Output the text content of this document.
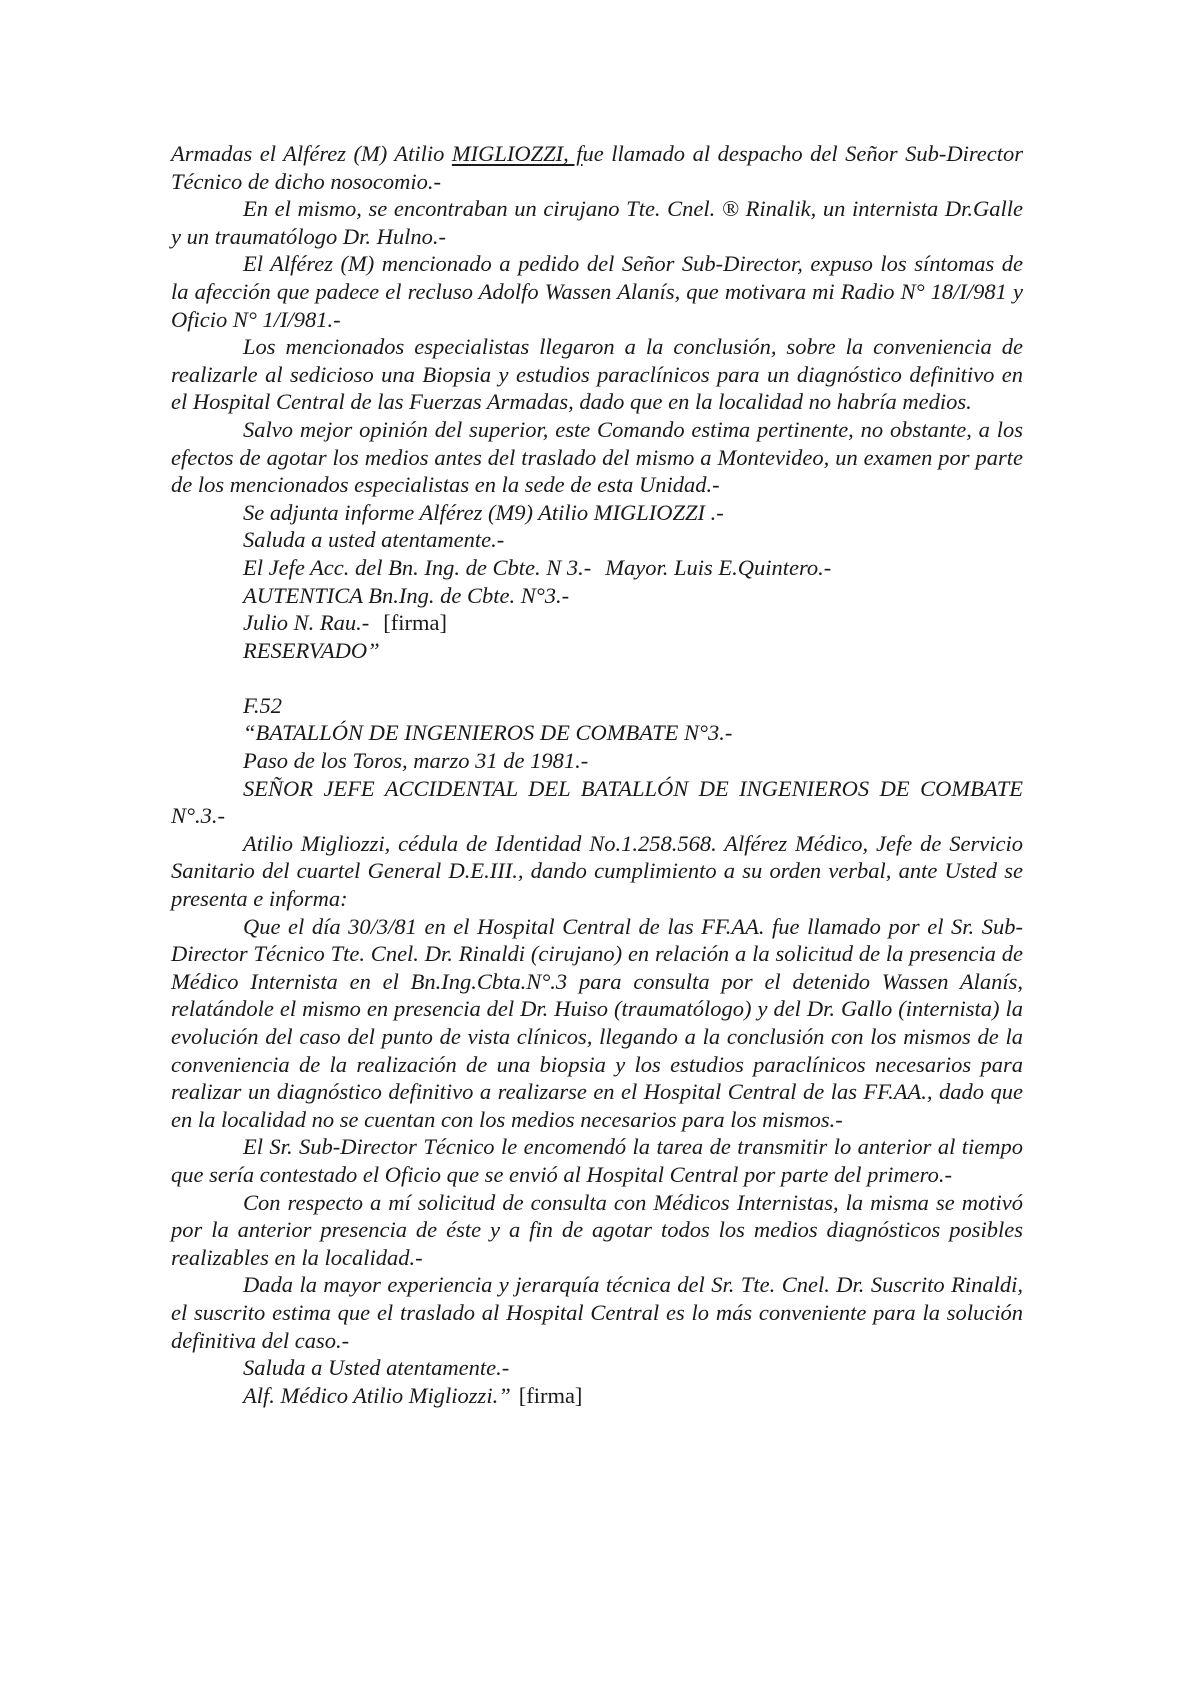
Armadas el Alférez (M) Atilio MIGLIOZZI, fue llamado al despacho del Señor Sub-Director Técnico de dicho nosocomio.-

En el mismo, se encontraban un cirujano Tte. Cnel. ® Rinalik, un internista Dr.Galle y un traumatólogo Dr. Hulno.-

El Alférez (M) mencionado a pedido del Señor Sub-Director, expuso los síntomas de la afección que padece el recluso Adolfo Wassen Alanís, que motivara mi Radio N° 18/I/981 y Oficio N° 1/I/981.-

Los mencionados especialistas llegaron a la conclusión, sobre la conveniencia de realizarle al sedicioso una Biopsia y estudios paraclínicos para un diagnóstico definitivo en el Hospital Central de las Fuerzas Armadas, dado que en la localidad no habría medios.

Salvo mejor opinión del superior, este Comando estima pertinente, no obstante, a los efectos de agotar los medios antes del traslado del mismo a Montevideo, un examen por parte de los mencionados especialistas en la sede de esta Unidad.-

Se adjunta informe Alférez (M9) Atilio MIGLIOZZI .-

Saluda a usted atentamente.-

El Jefe Acc. del Bn. Ing. de Cbte. N 3.- Mayor. Luis E.Quintero.-

AUTENTICA Bn.Ing. de Cbte. N°3.-

Julio N. Rau.- [firma]

RESERVADO”

F.52

“BATALLÓN DE INGENIEROS DE COMBATE N°3.-

Paso de los Toros, marzo 31 de 1981.-

SEÑOR JEFE ACCIDENTAL DEL BATALLÓN DE INGENIEROS DE COMBATE N°.3.-

Atilio Migliozzi, cédula de Identidad No.1.258.568. Alférez Médico, Jefe de Servicio Sanitario del cuartel General D.E.III., dando cumplimiento a su orden verbal, ante Usted se presenta e informa:

Que el día 30/3/81 en el Hospital Central de las FF.AA. fue llamado por el Sr. Sub-Director Técnico Tte. Cnel. Dr. Rinaldi (cirujano) en relación a la solicitud de la presencia de Médico Internista en el Bn.Ing.Cbta.N°.3 para consulta por el detenido Wassen Alanís, relatándole el mismo en presencia del Dr. Huiso (traumatólogo) y del Dr. Gallo (internista) la evolución del caso del punto de vista clínicos, llegando a la conclusión con los mismos de la conveniencia de la realización de una biopsia y los estudios paraclínicos necesarios para realizar un diagnóstico definitivo a realizarse en el Hospital Central de las FF.AA., dado que en la localidad no se cuentan con los medios necesarios para los mismos.-

El Sr. Sub-Director Técnico le encomendó la tarea de transmitir lo anterior al tiempo que sería contestado el Oficio que se envió al Hospital Central por parte del primero.-

Con respecto a mí solicitud de consulta con Médicos Internistas, la misma se motivó por la anterior presencia de éste y a fin de agotar todos los medios diagnósticos posibles realizables en la localidad.-

Dada la mayor experiencia y jerarquía técnica del Sr. Tte. Cnel. Dr. Suscrito Rinaldi, el suscrito estima que el traslado al Hospital Central es lo más conveniente para la solución definitiva del caso.-

Saluda a Usted atentamente.-

Alf. Médico Atilio Migliozzi.” [firma]
